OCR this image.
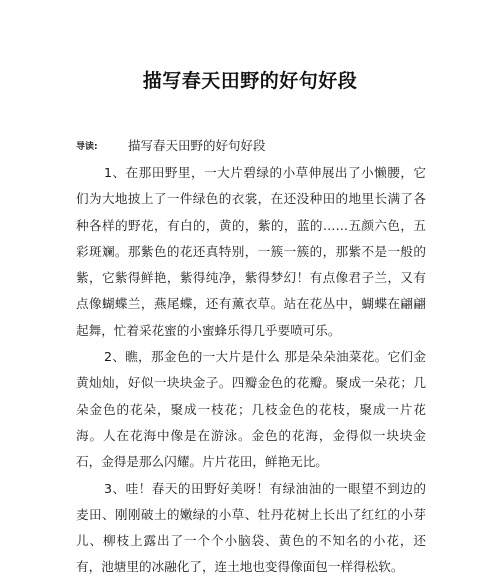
描写春天田野的好句好段
导读:	描写春天田野的好句好段

1、在那田野里，一大片碧绿的小草伸展出了小懒腰，它们为大地披上了一件绿色的衣裳，在还没种田的地里长满了各种各样的野花，有白的，黄的，紫的，蓝的……五颜六色，五彩斑斓。那紫色的花还真特别，一簇一簇的，那紫不是一般的紫，它紫得鲜艳，紫得纯净，紫得梦幻！有点像君子兰，又有点像蝴蝶兰，燕尾蝶，还有薰衣草。站在花丛中，蝴蝶在翩翩起舞，忙着采花蜜的小蜜蜂乐得几乎要喷可乐。

2、瞧，那金色的一大片是什么 那是朵朵油菜花。它们金黄灿灿，好似一块块金子。四瓣金色的花瓣。聚成一朵花；几朵金色的花朵，聚成一枝花；几枝金色的花枝，聚成一片花海。人在花海中像是在游泳。金色的花海，金得似一块块金石，金得是那么闪耀。片片花田，鲜艳无比。

3、哇！春天的田野好美呀！有绿油油的一眼望不到边的麦田、刚刚破土的嫩绿的小草、牡丹花树上长出了红红的小芽儿、柳枝上露出了一个个小脑袋、黄色的不知名的小花，还有，池塘里的冰融化了，连土地也变得像面包一样得松软。
